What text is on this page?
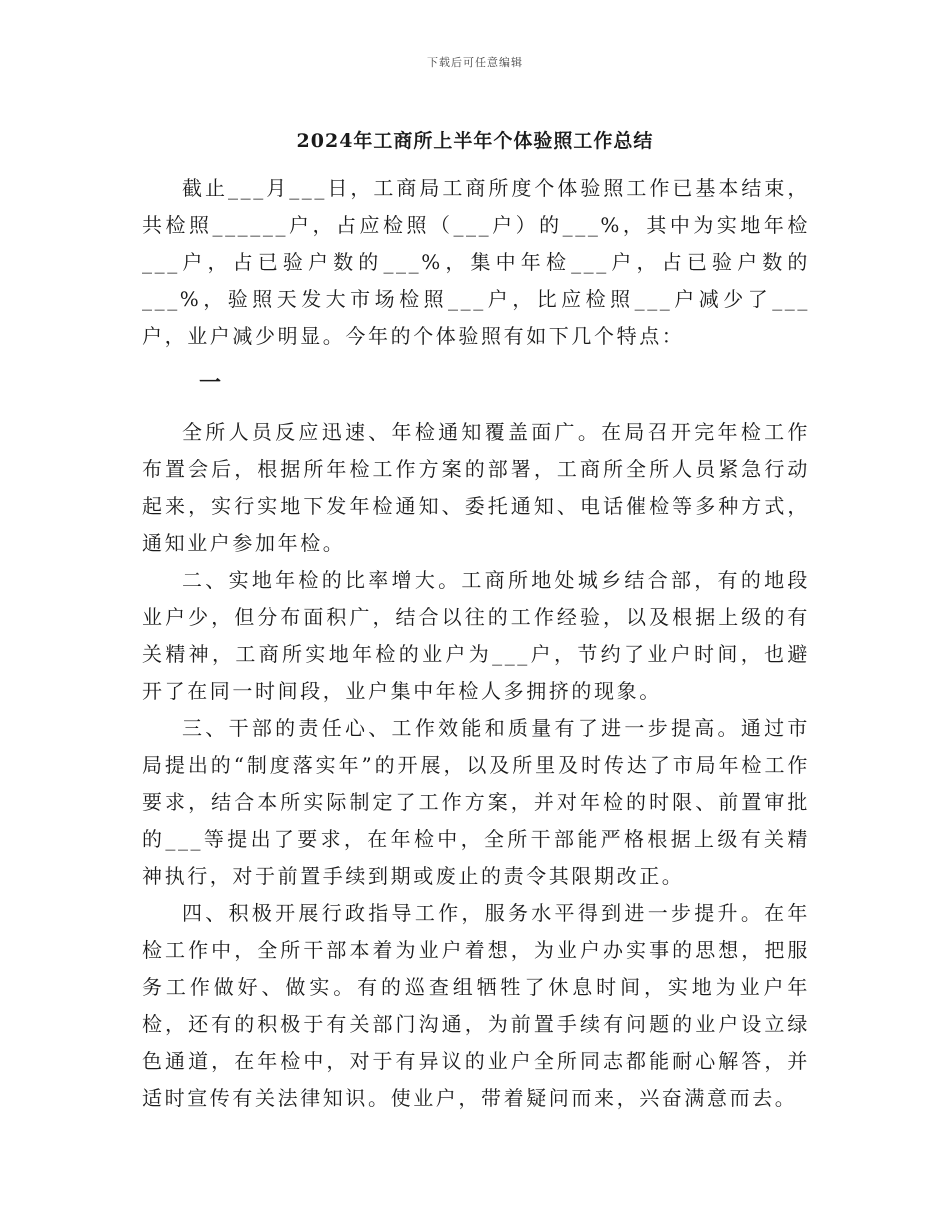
下载后可任意编辑
2024年工商所上半年个体验照工作总结

截止___月___日，工商局工商所度个体验照工作已基本结束，共检照______户，占应检照（___户）的___%，其中为实地年检___户，占已验户数的___%，集中年检___户，占已验户数的___%，验照天发大市场检照___户，比应检照___户减少了___户，业户减少明显。今年的个体验照有如下几个特点：

一

全所人员反应迅速、年检通知覆盖面广。在局召开完年检工作布置会后，根据所年检工作方案的部署，工商所全所人员紧急行动起来，实行实地下发年检通知、委托通知、电话催检等多种方式，通知业户参加年检。

二、实地年检的比率增大。工商所地处城乡结合部，有的地段业户少，但分布面积广，结合以往的工作经验，以及根据上级的有关精神，工商所实地年检的业户为___户，节约了业户时间，也避开了在同一时间段，业户集中年检人多拥挤的现象。

三、干部的责任心、工作效能和质量有了进一步提高。通过市局提出的“制度落实年”的开展，以及所里及时传达了市局年检工作要求，结合本所实际制定了工作方案，并对年检的时限、前置审批的___等提出了要求，在年检中，全所干部能严格根据上级有关精神执行，对于前置手续到期或废止的责令其限期改正。

四、积极开展行政指导工作，服务水平得到进一步提升。在年检工作中，全所干部本着为业户着想，为业户办实事的思想，把服务工作做好、做实。有的巡查组牺牲了休息时间，实地为业户年检，还有的积极于有关部门沟通，为前置手续有问题的业户设立绿色通道，在年检中，对于有异议的业户全所同志都能耐心解答，并适时宣传有关法律知识。使业户，带着疑问而来，兴奋满意而去。
